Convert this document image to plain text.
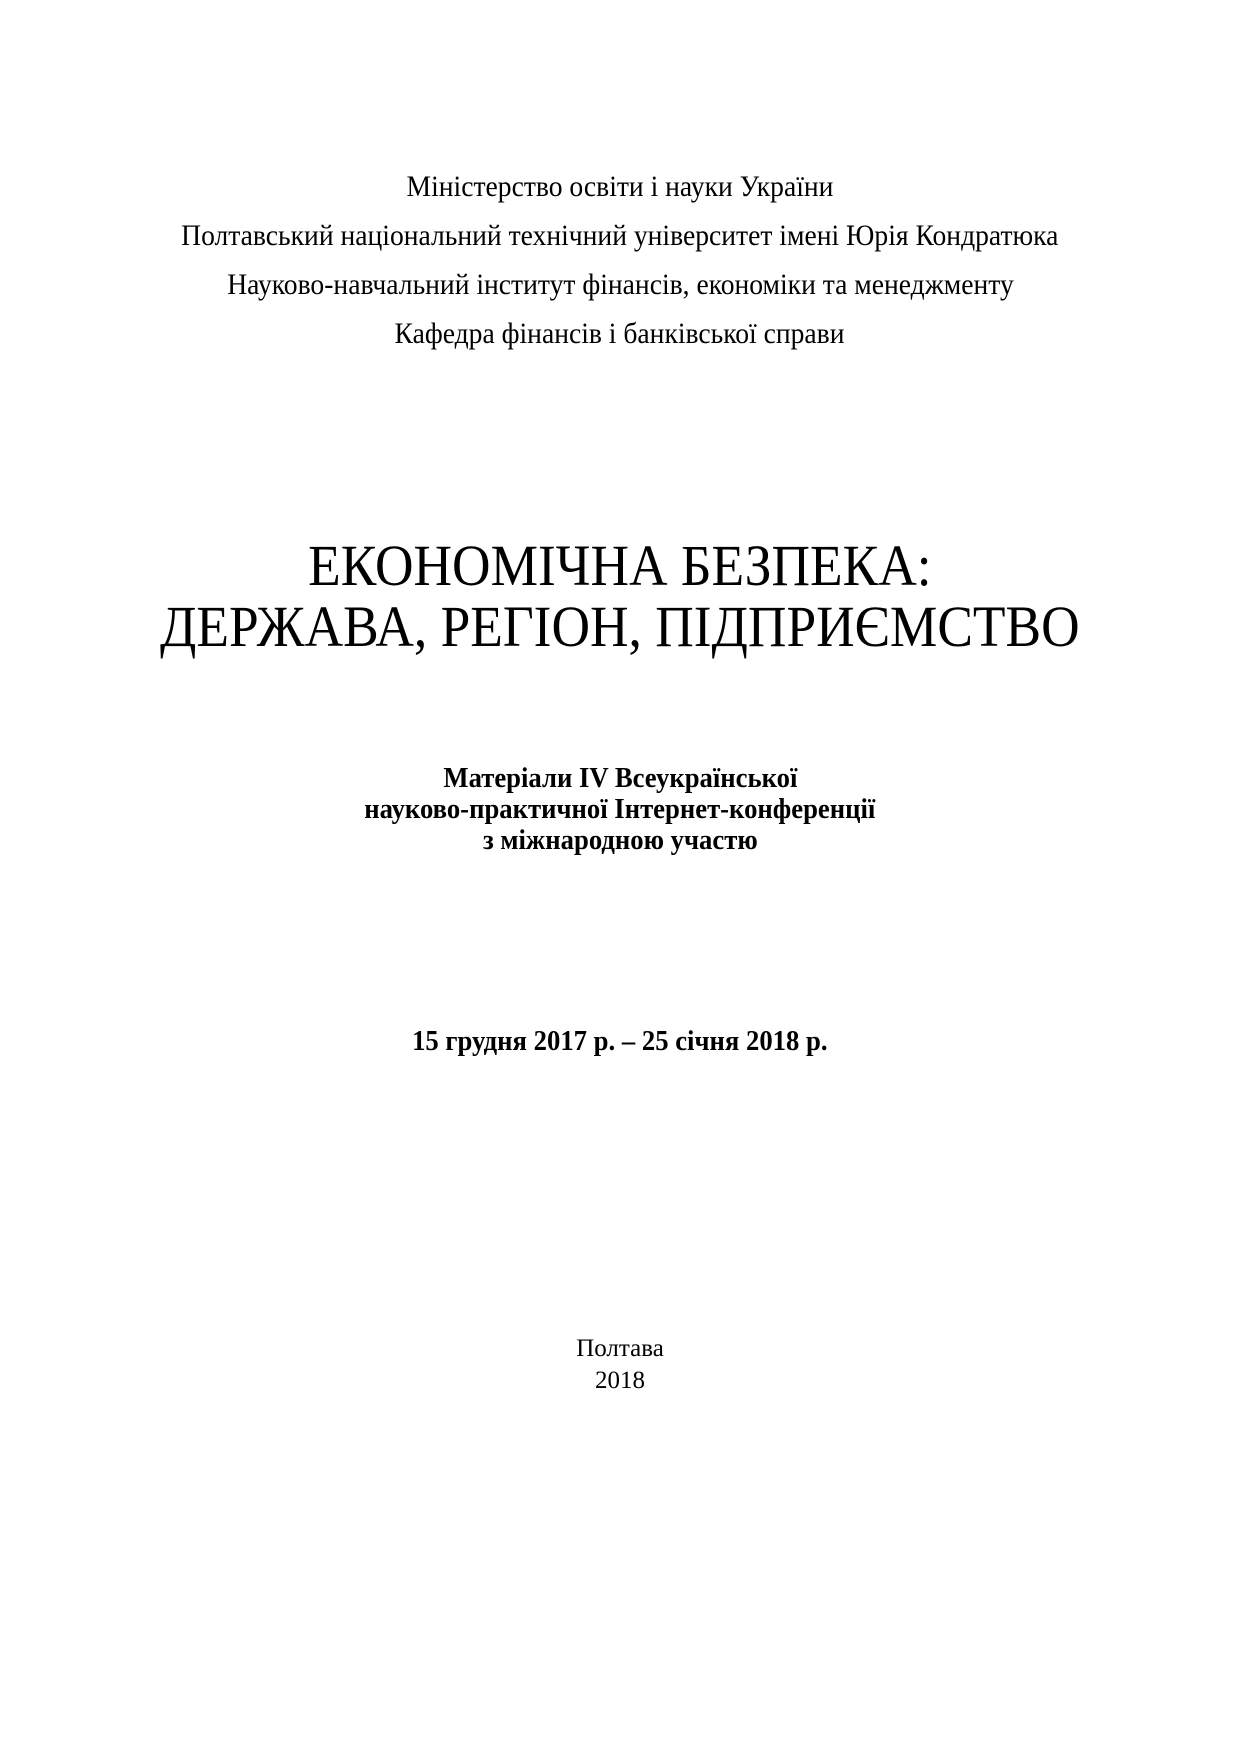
Міністерство освіти і науки України
Полтавський національний технічний університет імені Юрія Кондратюка
Науково-навчальний інститут фінансів, економіки та менеджменту
Кафедра фінансів і банківської справи
ЕКОНОМІЧНА БЕЗПЕКА:
ДЕРЖАВА, РЕГІОН, ПІДПРИЄМСТВО
Матеріали IV Всеукраїнської
науково-практичної Інтернет-конференції
з міжнародною участю
15 грудня 2017 р. – 25 січня 2018 р.
Полтава
2018
